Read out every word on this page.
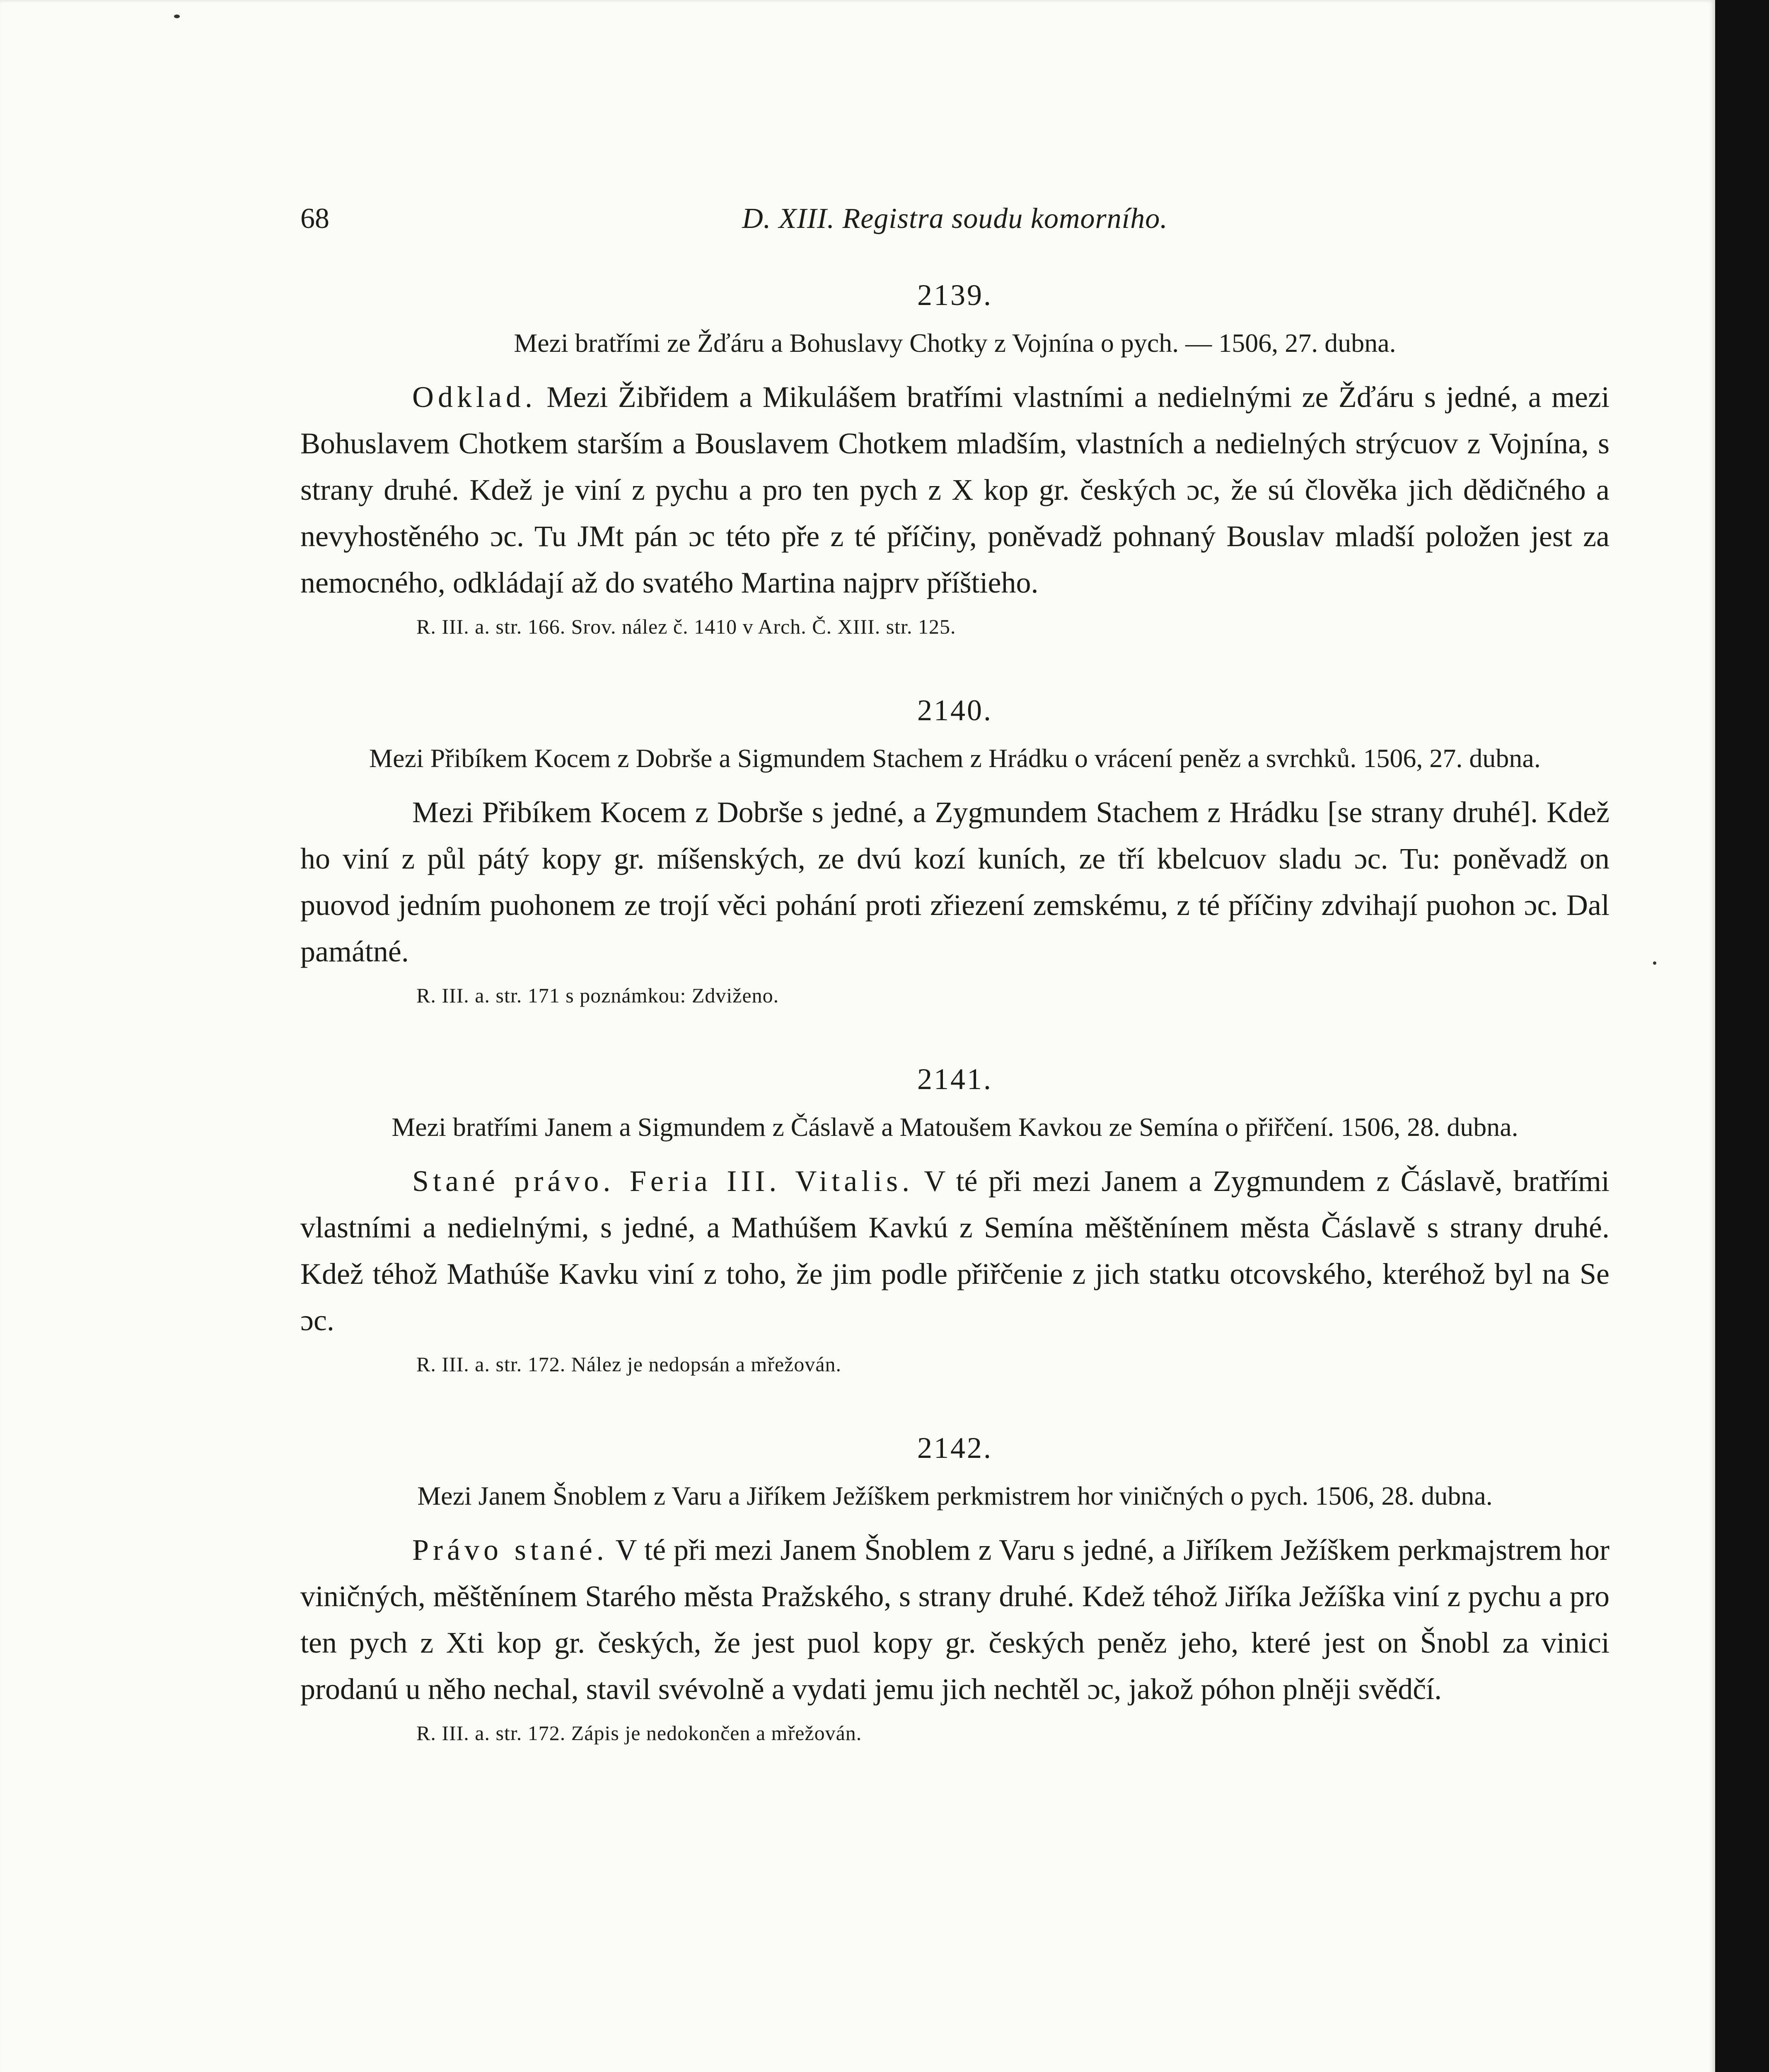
68	D. XIII. Registra soudu komorního.
2139.
Mezi bratřími ze Žďáru a Bohuslavy Chotky z Vojnína o pych. — 1506, 27. dubna.

Odklad. Mezi Žibřidem a Mikulášem bratřími vlastními a nedielnými ze Žďáru s jedné, a mezi Bohuslavem Chotkem starším a Bouslavem Chotkem mladším, vlastních a nedielných strýcuov z Vojnína, s strany druhé. Kdež je viní z pychu a pro ten pych z X kop gr. českých ɔc, že sú člověka jich dědičného a nevyhostěného ɔc. Tu JMt pán ɔc této pře z té příčiny, poněvadž pohnaný Bouslav mladší položen jest za nemocného, odkládají až do svatého Martina najprv příštieho.

R. III. a. str. 166. Srov. nález č. 1410 v Arch. Č. XIII. str. 125.
2140.
Mezi Přibíkem Kocem z Dobrše a Sigmundem Stachem z Hrádku o vrácení peněz a svrchků. 1506, 27. dubna.

Mezi Přibíkem Kocem z Dobrše s jedné, a Zygmundem Stachem z Hrádku [se strany druhé]. Kdež ho viní z půl pátý kopy gr. míšenských, ze dvú kozí kuních, ze tří kbelcuov sladu ɔc. Tu: poněvadž on puovod jedním puohonem ze trojí věci pohání proti zřiezení zemskému, z té příčiny zdvihají puohon ɔc. Dal památné.

R. III. a. str. 171 s poznámkou: Zdviženo.
2141.
Mezi bratřími Janem a Sigmundem z Čáslavě a Matoušem Kavkou ze Semína o přiřčení. 1506, 28. dubna.

Stané právo. Feria III. Vitalis. V té při mezi Janem a Zygmundem z Čáslavě, bratřími vlastními a nedielnými, s jedné, a Mathúšem Kavkú z Semína měštěnínem města Čáslavě s strany druhé. Kdež téhož Mathúše Kavku viní z toho, že jim podle přiřčenie z jich statku otcovského, kteréhož byl na Se ɔc.

R. III. a. str. 172. Nález je nedopsán a mřežován.
2142.
Mezi Janem Šnoblem z Varu a Jiříkem Ježíškem perkmistrem hor viničných o pych. 1506, 28. dubna.

Právo stané. V té při mezi Janem Šnoblem z Varu s jedné, a Jiříkem Ježíškem perkmajstrem hor viničných, měštěnínem Starého města Pražského, s strany druhé. Kdež téhož Jiříka Ježíška viní z pychu a pro ten pych z Xti kop gr. českých, že jest puol kopy gr. českých peněz jeho, které jest on Šnobl za vinici prodanú u něho nechal, stavil svévolně a vydati jemu jich nechtěl ɔc, jakož póhon plněji svědčí.

R. III. a. str. 172. Zápis je nedokončen a mřežován.
